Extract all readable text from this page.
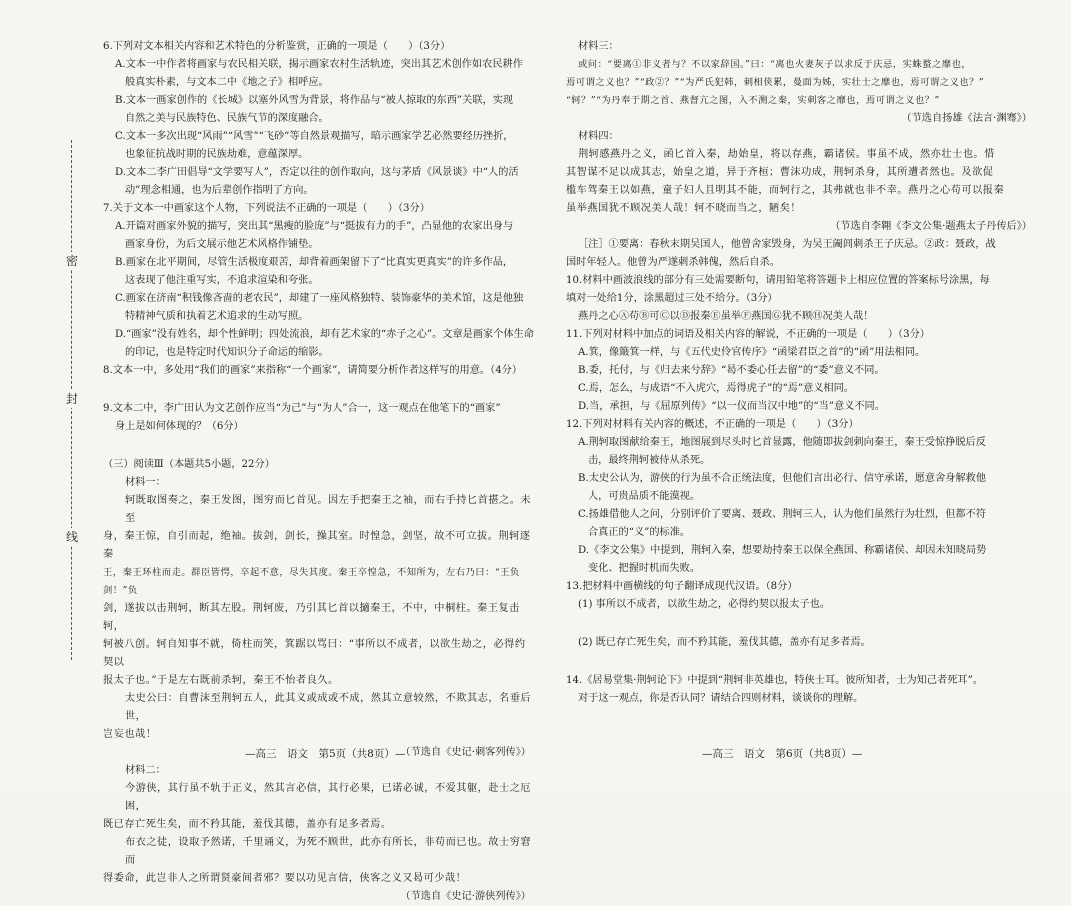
密
封
线

6.下列对文本相关内容和艺术特色的分析鉴赏，正确的一项是（　　）（3分）

A.文本一中作者将画家与农民相关联，揭示画家农村生活轨迹，突出其艺术创作如农民耕作

般真实朴素，与文本二中《地之子》相呼应。

B.文本一画家创作的《长城》以塞外风雪为背景，将作品与“被人掠取的东西”关联，实现

自然之美与民族特色、民族气节的深度融合。

C.文本一多次出现“风雨”“风雪”“飞砂”等自然景观描写，暗示画家学艺必然要经历挫折，

也象征抗战时期的民族劫难，意蕴深厚。

D.文本二李广田倡导“文学要写人”，否定以往的创作取向，这与茅盾《风景谈》中“人的活

动”理念相通，也为后辈创作指明了方向。

7.关于文本一中画家这个人物，下列说法不正确的一项是（　　）（3分）

A.开篇对画家外貌的描写，突出其“黑瘦的脸庞”与“挺拔有力的手”，凸显他的农家出身与

画家身份，为后文展示他艺术风格作铺垫。

B.画家在北平期间，尽管生活极度艰苦，却背着画架留下了“比真实更真实”的许多作品，

这表现了他注重写实，不追求渲染和夸张。

C.画家在济南“积钱像吝啬的老农民”，却建了一座风格独特、装饰豪华的美术馆，这是他独

特精神气质和执着艺术追求的生动写照。

D.“画家”没有姓名，却个性鲜明；四处流浪，却有艺术家的“赤子之心”。文章是画家个体生命

的印记，也是特定时代知识分子命运的缩影。

8.文本一中，多处用“我们的画家”来指称“一个画家”，请简要分析作者这样写的用意。（4分）

9.文本二中，李广田认为文艺创作应当“为己”与“为人”合一，这一观点在他笔下的“画家”

身上是如何体现的？（6分）

（三）阅读Ⅲ（本题共5小题，22分）

材料一：

轲既取图奏之，秦王发图，图穷而匕首见。因左手把秦王之袖，而右手持匕首揕之。未至

身，秦王惊，自引而起，绝袖。拔剑，剑长，操其室。时惶急，剑坚，故不可立拔。荆轲逐秦

王，秦王环柱而走。群臣皆愕，卒起不意，尽失其度。秦王卒惶急，不知所为，左右乃曰：“王负剑！”负

剑，遂拔以击荆轲，断其左股。荆轲废，乃引其匕首以擿秦王，不中，中桐柱。秦王复击轲，

轲被八创。轲自知事不就，倚柱而笑，箕踞以骂曰：“事所以不成者，以欲生劫之，必得约契以

报太子也。”于是左右既前杀轲，秦王不怡者良久。

太史公曰：自曹沫至荆轲五人，此其义或成或不成，然其立意较然，不欺其志，名垂后世，

岂妄也哉！

（节选自《史记·刺客列传》）

材料二：

今游侠，其行虽不轨于正义，然其言必信，其行必果，已诺必诚，不爱其躯，赴士之厄困，

既已存亡死生矣，而不矜其能，羞伐其德，盖亦有足多者焉。

布衣之徒，设取予然诺，千里诵义，为死不顾世，此亦有所长，非苟而已也。故士穷窘而

得委命，此岂非人之所谓贤豪间者邪？要以功见言信，侠客之义又曷可少哉！

（节选自《史记·游侠列传》）

材料三：

或问：“要离①非义者与？不以家辞国。”曰：“离也火妻灰子以求反于庆忌，实蛛蝥之靡也，

焉可谓之义也？”“政②？”“为严氏犯韩，刺相侠累，曼面为姊，实壮士之靡也，焉可谓之义也？”

“轲？”“为丹奉于期之首、燕督亢之图，入不测之秦，实刺客之靡也，焉可谓之义也？”

（节选自扬雄《法言·渊骞》）

材料四：

荆轲感燕丹之义，函匕首入秦，劫始皇，将以存燕，霸诸侯。事虽不成，然亦壮士也。惜

其智谋不足以成其志，始皇之道，异于齐桓；曹沫功成，荆轲杀身，其所遭者然也。及欲促

槛车驾秦王以如燕，童子妇人且明其不能，而轲行之，其弗就也非不幸。燕丹之心苟可以报秦

虽举燕国犹不顾况美人哉！轲不晓而当之，陋矣！

（节选自李翱《李文公集·题燕太子丹传后》）

［注］①要离：春秋末期吴国人，他曾舍家毁身，为吴王阖闾刺杀王子庆忌。②政：聂政，战

国时年轻人。他曾为严遂刺杀韩傀，然后自杀。

10.材料中画波浪线的部分有三处需要断句，请用铅笔将答题卡上相应位置的答案标号涂黑，每

填对一处给1分，涂黑超过三处不给分。（3分）

燕丹之心Ⓐ苟Ⓑ可Ⓒ以Ⓓ报秦Ⓔ虽举Ⓕ燕国Ⓖ犹不顾Ⓗ况美人哉！

11.下列对材料中加点的词语及相关内容的解说，不正确的一项是（　　）（3分）

A.箕，像簸箕一样，与《五代史伶官传序》“函梁君臣之首”的“函”用法相同。

B.委，托付，与《归去来兮辞》“曷不委心任去留”的“委”意义不同。

C.焉，怎么，与成语“不入虎穴，焉得虎子”的“焉”意义相同。

D.当，承担，与《屈原列传》“以一仪而当汉中地”的“当”意义不同。

12.下列对材料有关内容的概述，不正确的一项是（　　）（3分）

A.荆轲取图献给秦王，地图展到尽头时匕首显露，他随即拔剑刺向秦王，秦王受惊挣脱后反

击，最终荆轲被侍从杀死。

B.太史公认为，游侠的行为虽不合正统法度，但他们言出必行、信守承诺，愿意舍身解救他

人，可贵品质不能漠视。

C.扬雄借他人之问，分别评价了要离、聂政、荆轲三人，认为他们虽然行为壮烈，但都不符

合真正的“义”的标准。

D.《李文公集》中提到，荆轲入秦，想要劫持秦王以保全燕国、称霸诸侯、却因未知晓局势

变化、把握时机而失败。

13.把材料中画横线的句子翻译成现代汉语。（8分）

(1) 事所以不成者，以欲生劫之，必得约契以报太子也。

(2) 既已存亡死生矣，而不矜其能，羞伐其德，盖亦有足多者焉。

14.《居易堂集·荆轲论下》中提到“荆轲非英雄也，特侠士耳。彼所知者，士为知己者死耳”。

对于这一观点，你是否认同？请结合四则材料，谈谈你的理解。

—高三　语文　第5页（共8页）—	—高三　语文　第6页（共8页）—
